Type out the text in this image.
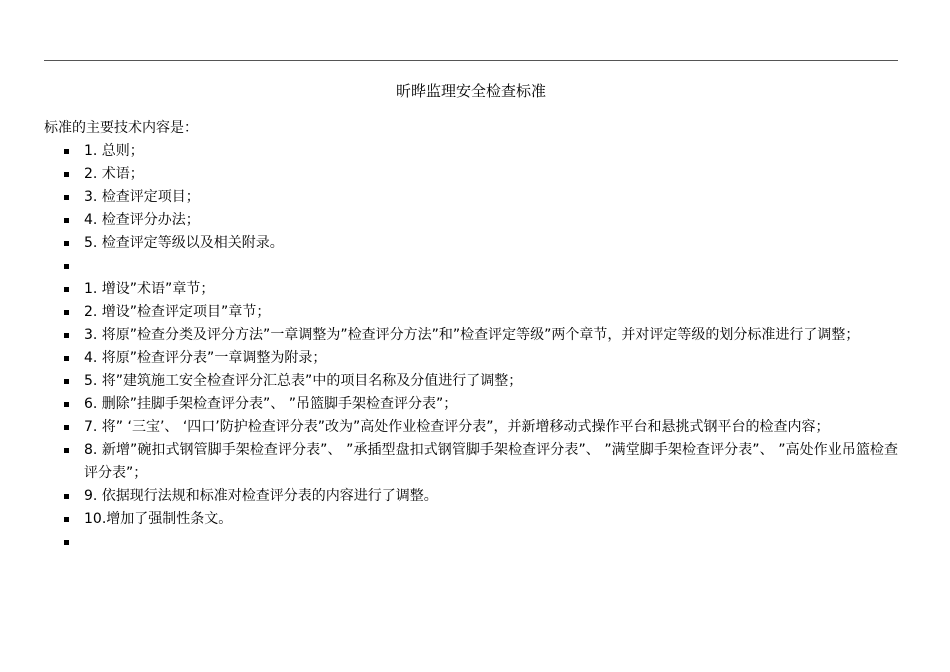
昕晔监理安全检查标准
标准的主要技术内容是：
1. 总则；
2. 术语；
3. 检查评定项目；
4. 检查评分办法；
5. 检查评定等级以及相关附录。
1. 增设”术语”章节；
2. 增设”检查评定项目”章节；
3. 将原”检查分类及评分方法”一章调整为”检查评分方法”和”检查评定等级”两个章节，并对评定等级的划分标准进行了调整；
4. 将原”检查评分表”一章调整为附录；
5. 将”建筑施工安全检查评分汇总表”中的项目名称及分值进行了调整；
6. 删除”挂脚手架检查评分表”、 ”吊篮脚手架检查评分表”；
7. 将” ‘三宝’、 ‘四口’防护检查评分表”改为”高处作业检查评分表”，并新增移动式操作平台和悬挑式钢平台的检查内容；
8. 新增”碗扣式钢管脚手架检查评分表”、 ”承插型盘扣式钢管脚手架检查评分表”、 ”满堂脚手架检查评分表”、 ”高处作业吊篮检查评分表”；
9. 依据现行法规和标准对检查评分表的内容进行了调整。
10.增加了强制性条文。
